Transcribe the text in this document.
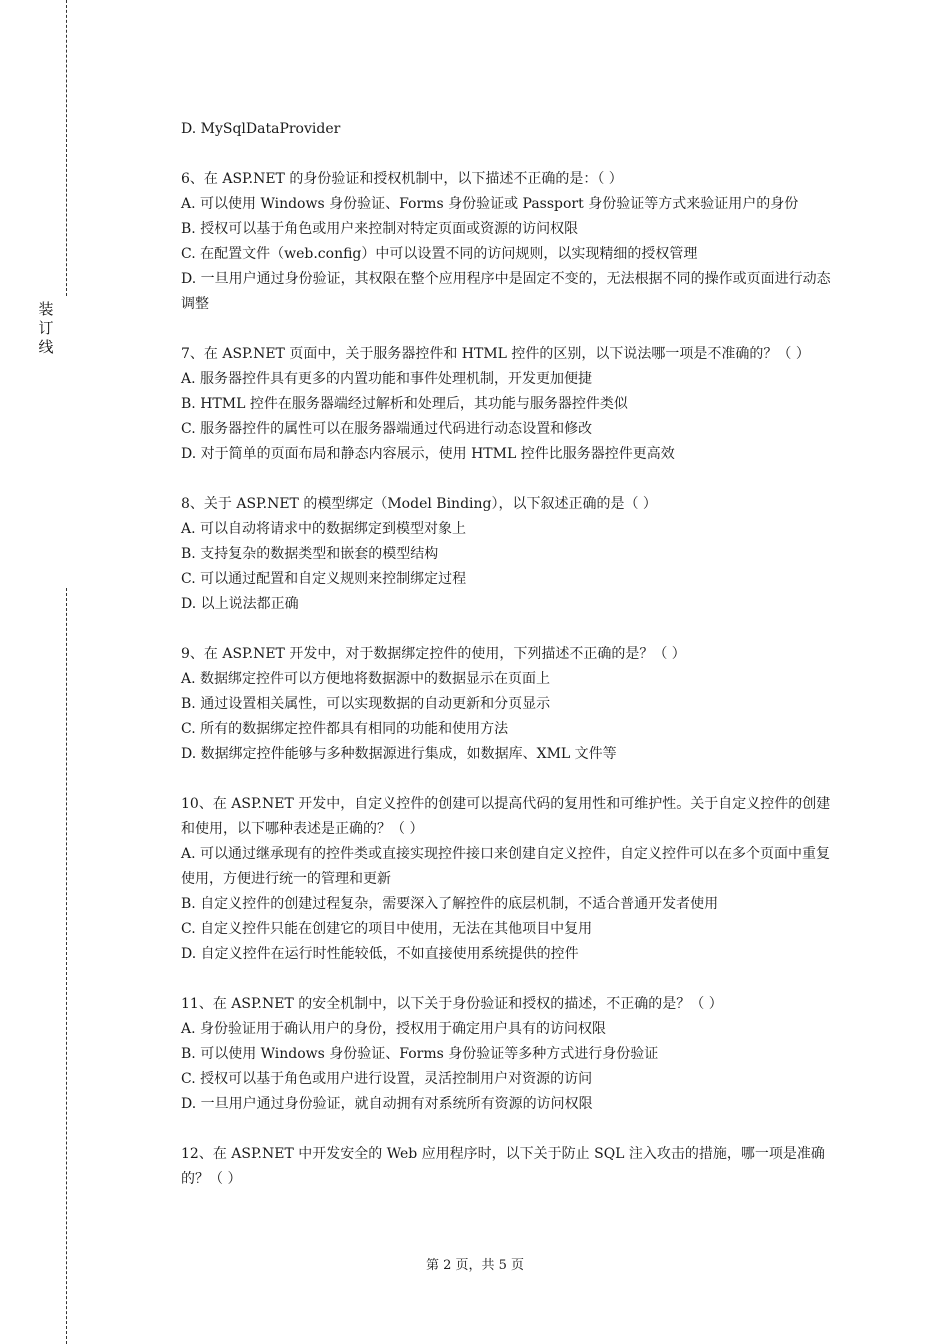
装
订
线

D. MySqlDataProvider

6、在 ASP.NET 的身份验证和授权机制中，以下描述不正确的是：（ ）

A. 可以使用 Windows 身份验证、Forms 身份验证或 Passport 身份验证等方式来验证用户的身份

B. 授权可以基于角色或用户来控制对特定页面或资源的访问权限

C. 在配置文件（web.config）中可以设置不同的访问规则，以实现精细的授权管理

D. 一旦用户通过身份验证，其权限在整个应用程序中是固定不变的，无法根据不同的操作或页面进行动态调整

7、在 ASP.NET 页面中，关于服务器控件和 HTML 控件的区别，以下说法哪一项是不准确的？（ ）

A. 服务器控件具有更多的内置功能和事件处理机制，开发更加便捷

B. HTML 控件在服务器端经过解析和处理后，其功能与服务器控件类似

C. 服务器控件的属性可以在服务器端通过代码进行动态设置和修改

D. 对于简单的页面布局和静态内容展示，使用 HTML 控件比服务器控件更高效

8、关于 ASP.NET 的模型绑定（Model Binding），以下叙述正确的是（ ）

A. 可以自动将请求中的数据绑定到模型对象上

B. 支持复杂的数据类型和嵌套的模型结构

C. 可以通过配置和自定义规则来控制绑定过程

D. 以上说法都正确

9、在 ASP.NET 开发中，对于数据绑定控件的使用，下列描述不正确的是？（ ）

A. 数据绑定控件可以方便地将数据源中的数据显示在页面上

B. 通过设置相关属性，可以实现数据的自动更新和分页显示

C. 所有的数据绑定控件都具有相同的功能和使用方法

D. 数据绑定控件能够与多种数据源进行集成，如数据库、XML 文件等

10、在 ASP.NET 开发中，自定义控件的创建可以提高代码的复用性和可维护性。关于自定义控件的创建和使用，以下哪种表述是正确的？（ ）

A. 可以通过继承现有的控件类或直接实现控件接口来创建自定义控件，自定义控件可以在多个页面中重复使用，方便进行统一的管理和更新

B. 自定义控件的创建过程复杂，需要深入了解控件的底层机制，不适合普通开发者使用

C. 自定义控件只能在创建它的项目中使用，无法在其他项目中复用

D. 自定义控件在运行时性能较低，不如直接使用系统提供的控件

11、在 ASP.NET 的安全机制中，以下关于身份验证和授权的描述，不正确的是？（ ）

A. 身份验证用于确认用户的身份，授权用于确定用户具有的访问权限

B. 可以使用 Windows 身份验证、Forms 身份验证等多种方式进行身份验证

C. 授权可以基于角色或用户进行设置，灵活控制用户对资源的访问

D. 一旦用户通过身份验证，就自动拥有对系统所有资源的访问权限

12、在 ASP.NET 中开发安全的 Web 应用程序时，以下关于防止 SQL 注入攻击的措施，哪一项是准确的？（ ）

第 2 页，共 5 页
